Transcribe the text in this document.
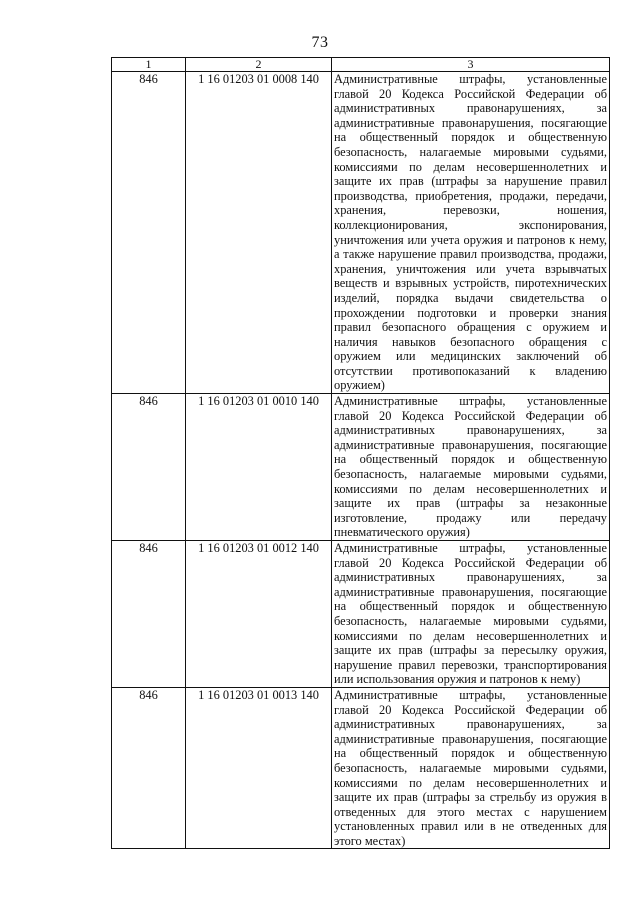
73
1	2	3
846	1 16 01203 01 0008 140	Административные штрафы, установленные главой 20 Кодекса Российской Федерации об административных правонарушениях, за административные правонарушения, посягающие на общественный порядок и общественную безопасность, налагаемые мировыми судьями, комиссиями по делам несовершеннолетних и защите их прав (штрафы за нарушение правил производства, приобретения, продажи, передачи, хранения, перевозки, ношения, коллекционирования, экспонирования, уничтожения или учета оружия и патронов к нему, а также нарушение правил производства, продажи, хранения, уничтожения или учета взрывчатых веществ и взрывных устройств, пиротехнических изделий, порядка выдачи свидетельства о прохождении подготовки и проверки знания правил безопасного обращения с оружием и наличия навыков безопасного обращения с оружием или медицинских заключений об отсутствии противопоказаний к владению оружием)
846	1 16 01203 01 0010 140	Административные штрафы, установленные главой 20 Кодекса Российской Федерации об административных правонарушениях, за административные правонарушения, посягающие на общественный порядок и общественную безопасность, налагаемые мировыми судьями, комиссиями по делам несовершеннолетних и защите их прав (штрафы за незаконные изготовление, продажу или передачу пневматического оружия)
846	1 16 01203 01 0012 140	Административные штрафы, установленные главой 20 Кодекса Российской Федерации об административных правонарушениях, за административные правонарушения, посягающие на общественный порядок и общественную безопасность, налагаемые мировыми судьями, комиссиями по делам несовершеннолетних и защите их прав (штрафы за пересылку оружия, нарушение правил перевозки, транспортирования или использования оружия и патронов к нему)
846	1 16 01203 01 0013 140	Административные штрафы, установленные главой 20 Кодекса Российской Федерации об административных правонарушениях, за административные правонарушения, посягающие на общественный порядок и общественную безопасность, налагаемые мировыми судьями, комиссиями по делам несовершеннолетних и защите их прав (штрафы за стрельбу из оружия в отведенных для этого местах с нарушением установленных правил или в не отведенных для этого местах)
